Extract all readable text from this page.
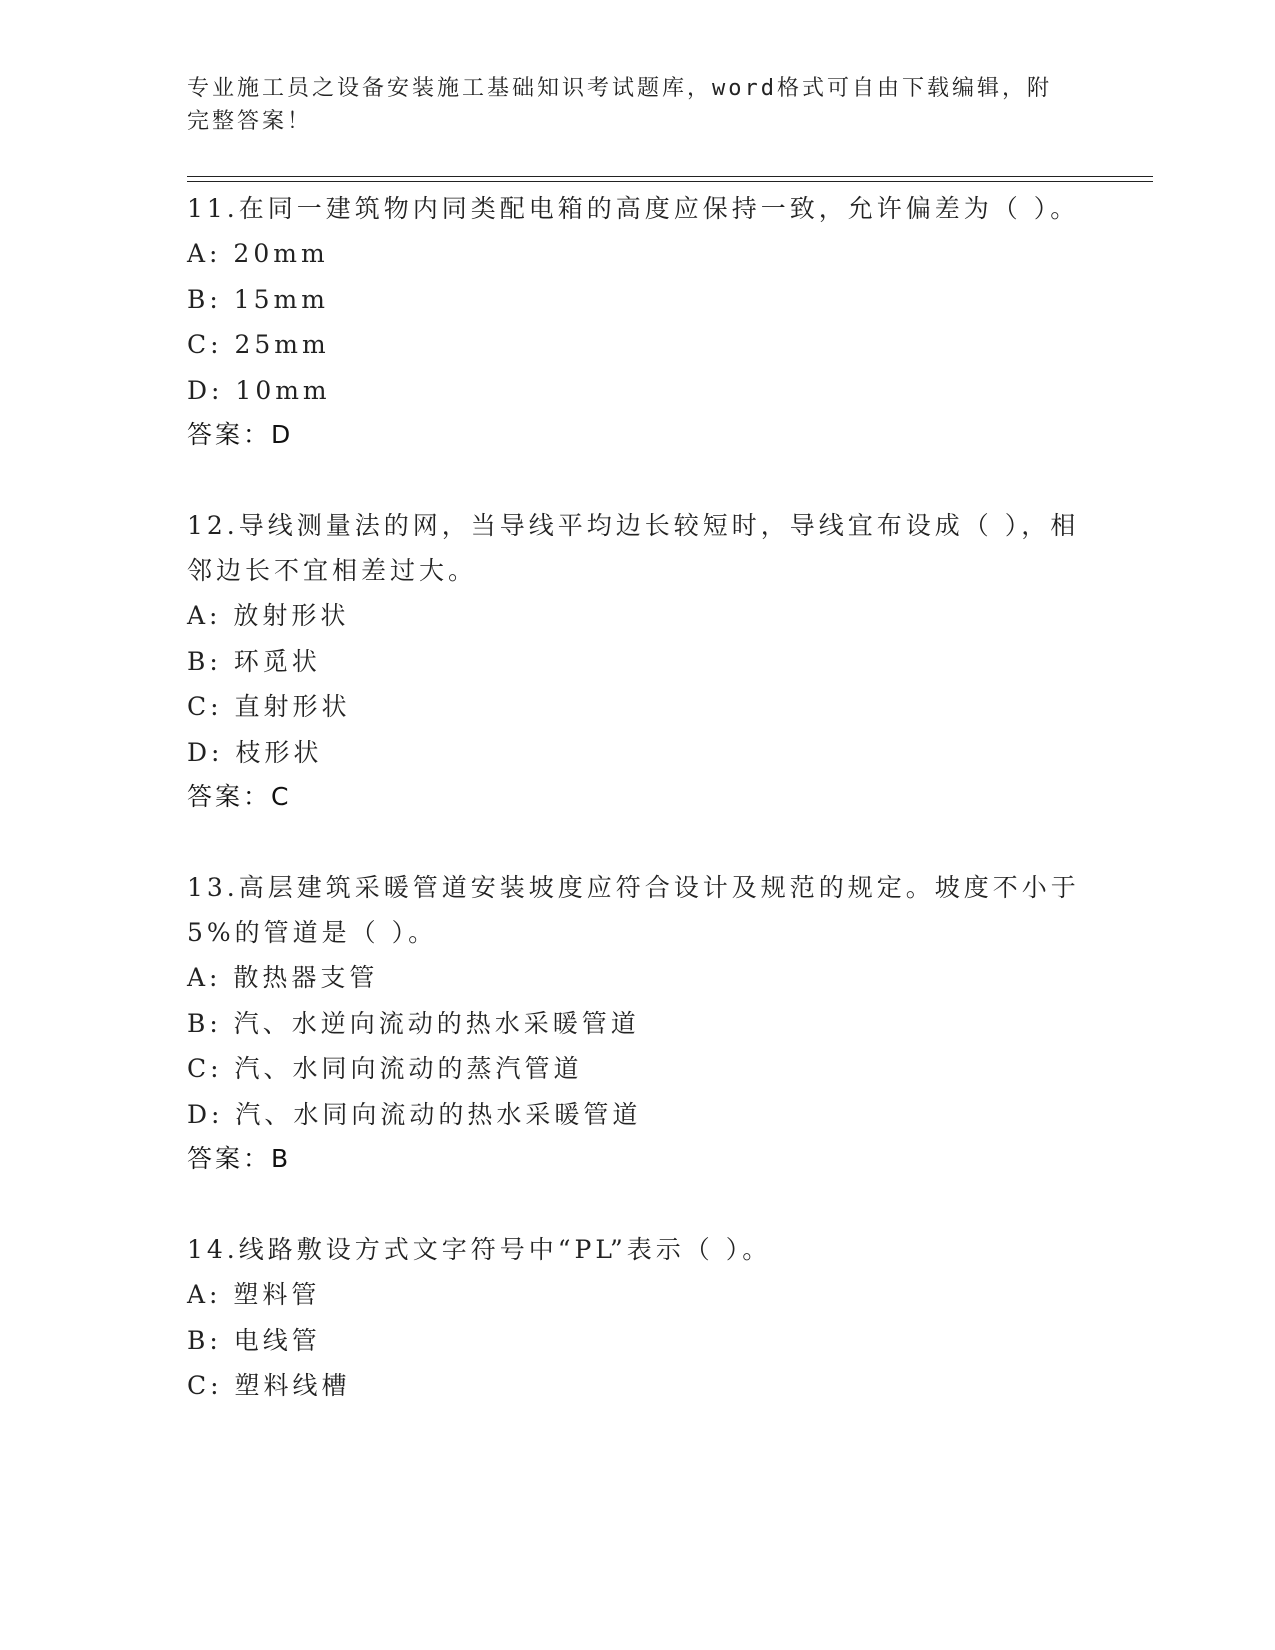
专业施工员之设备安装施工基础知识考试题库，word格式可自由下载编辑，附完整答案！

11.在同一建筑物内同类配电箱的高度应保持一致，允许偏差为（ ）。

A: 20mm

B: 15mm

C: 25mm

D: 10mm

答案：D

12.导线测量法的网，当导线平均边长较短时，导线宜布设成（ ），相邻边长不宜相差过大。

A: 放射形状

B: 环觅状

C: 直射形状

D: 枝形状

答案：C

13.高层建筑采暖管道安装坡度应符合设计及规范的规定。坡度不小于5%的管道是（ ）。

A: 散热器支管

B: 汽、水逆向流动的热水采暖管道

C: 汽、水同向流动的蒸汽管道

D: 汽、水同向流动的热水采暖管道

答案：B

14.线路敷设方式文字符号中“PL”表示（ ）。

A: 塑料管

B: 电线管

C: 塑料线槽
